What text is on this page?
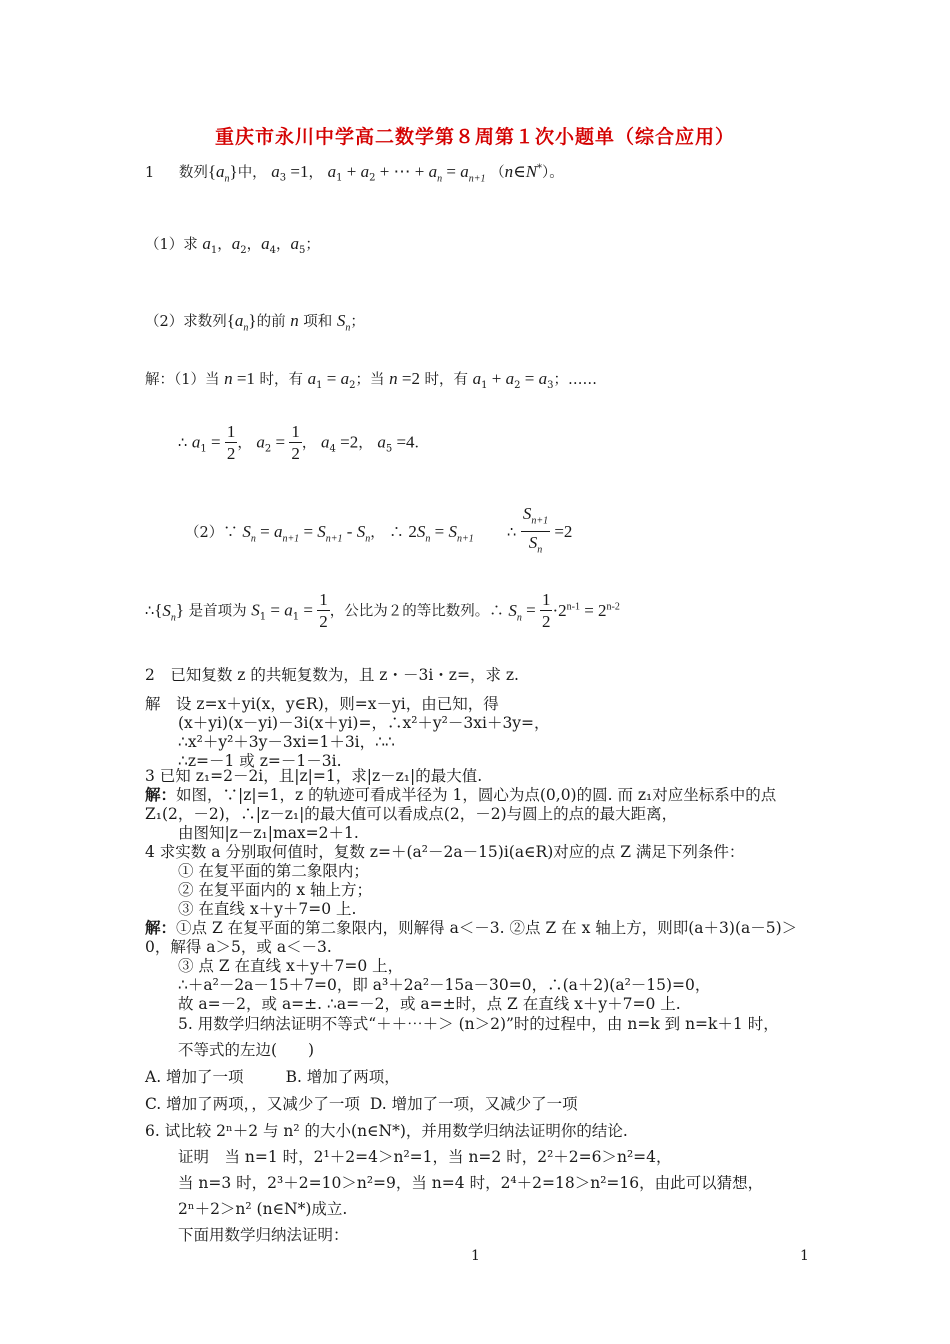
重庆市永川中学高二数学第８周第１次小题单（综合应用）
1 数列$\{a_n\}$中， $a_3 =1$， $a_1 + a_2$ + ⋯ + $a_n = a_{n+1}$ （n∈N*）。
（1）求 $a_1$，$a_2$，$a_4$，$a_5$；
（2）求数列$\{a_n\}$的前 n 项和 $S_n$；
解：（1）当 n =1 时，有 $a_1 = a_2$；当 n =2 时，有 $a_1 + a_2 = a_3$；……
∴ $a_1 = \frac{1}{2}$ ， $a_2 = \frac{1}{2}$ ， $a_4 =2$， $a_5 =4$．
（2）∵ $S_n = a_{n+1} = S_{n+1} - S_n$， ∴ $2S_n = S_{n+1}$  ∴ $\frac{S_{n+1}}{S_n} =2$
$\therefore\{S_n\}$ 是首项为 $S_1 = a_1 = \frac{1}{2}$ ，公比为２的等比数列。∴ $S_n = \frac{1}{2} \cdot 2^{n-1} = 2^{n-2}$
2　已知复数 z 的共轭复数为，且 z・－3i・z=，求 z.
解　设 z=x＋yi(x，y∈R)，则=x－yi，由已知，得
(x＋yi)(x－yi)－3i(x＋yi)=，∴x²＋y²－3xi＋3y=，
∴x²＋y²＋3y－3xi=1＋3i，∴∴
∴z=－1 或 z=－1－3i.
3 已知 z₁=2－2i，且|z|=1，求|z－z₁|的最大值.
解：如图，∵|z|=1，z 的轨迹可看成半径为 1，圆心为点(0,0)的圆. 而 z₁对应坐标系中的点
Z₁(2，－2)，∴|z－z₁|的最大值可以看成点(2，－2)与圆上的点的最大距离，
由图知|z－z₁|max=2＋1.
4 求实数 a 分别取何值时，复数 z=＋(a²－2a－15)i(a∈R)对应的点 Z 满足下列条件：
① 在复平面的第二象限内；
② 在复平面内的 x 轴上方；
③ 在直线 x＋y＋7=0 上.
解：①点 Z 在复平面的第二象限内，则解得 a＜－3. ②点 Z 在 x 轴上方，则即(a＋3)(a－5)＞
0，解得 a＞5，或 a＜－3.
③ 点 Z 在直线 x＋y＋7=0 上，
∴＋a²－2a－15＋7=0，即 a³＋2a²－15a－30=0，∴(a＋2)(a²－15)=0，
故 a=－2，或 a=±. ∴a=－2，或 a=±时，点 Z 在直线 x＋y＋7=0 上.
5. 用数学归纳法证明不等式“＋＋⋯＋＞ (n＞2)”时的过程中，由 n=k 到 n=k＋1 时，
不等式的左边(　　)
A. 增加了一项	B. 增加了两项，
C. 增加了两项，，又减少了一项 D. 增加了一项，又减少了一项
6. 试比较 2ⁿ＋2 与 n² 的大小(n∈N*)，并用数学归纳法证明你的结论.
证明　当 n=1 时，2¹＋2=4＞n²=1，当 n=2 时，2²＋2=6＞n²=4，
当 n=3 时，2³＋2=10＞n²=9，当 n=4 时，2⁴＋2=18＞n²=16，由此可以猜想，
2ⁿ＋2＞n² (n∈N*)成立.
下面用数学归纳法证明：
1	1
